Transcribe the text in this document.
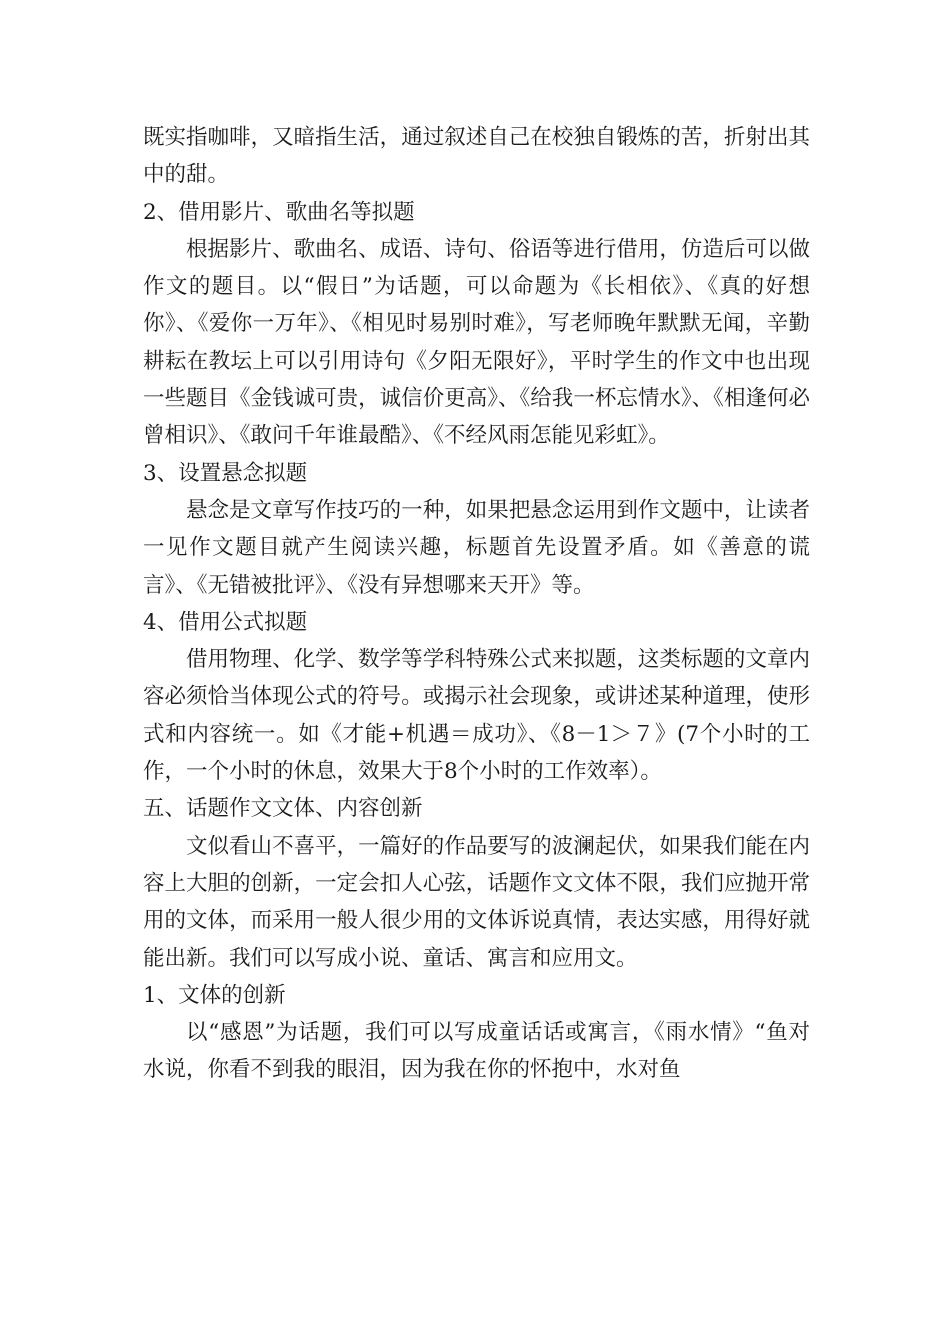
既实指咖啡，又暗指生活，通过叙述自己在校独自锻炼的苦，折射出其中的甜。

2、借用影片、歌曲名等拟题

根据影片、歌曲名、成语、诗句、俗语等进行借用，仿造后可以做作文的题目。以“假日”为话题，可以命题为《长相依》、《真的好想你》、《爱你一万年》、《相见时易别时难》，写老师晚年默默无闻，辛勤耕耘在教坛上可以引用诗句《夕阳无限好》，平时学生的作文中也出现一些题目《金钱诚可贵，诚信价更高》、《给我一杯忘情水》、《相逢何必曾相识》、《敢问千年谁最酷》、《不经风雨怎能见彩虹》。

3、设置悬念拟题

悬念是文章写作技巧的一种，如果把悬念运用到作文题中，让读者一见作文题目就产生阅读兴趣，标题首先设置矛盾。如《善意的谎言》、《无错被批评》、《没有异想哪来天开》等。

4、借用公式拟题

借用物理、化学、数学等学科特殊公式来拟题，这类标题的文章内容必须恰当体现公式的符号。或揭示社会现象，或讲述某种道理，使形式和内容统一。如《才能+机遇＝成功》、《8－1＞７》(7个小时的工作，一个小时的休息，效果大于8个小时的工作效率）。

五、话题作文文体、内容创新

文似看山不喜平，一篇好的作品要写的波澜起伏，如果我们能在内容上大胆的创新，一定会扣人心弦，话题作文文体不限，我们应抛开常用的文体，而采用一般人很少用的文体诉说真情，表达实感，用得好就能出新。我们可以写成小说、童话、寓言和应用文。

1、文体的创新

以“感恩”为话题，我们可以写成童话话或寓言，《雨水情》“鱼对水说，你看不到我的眼泪，因为我在你的怀抱中，水对鱼
